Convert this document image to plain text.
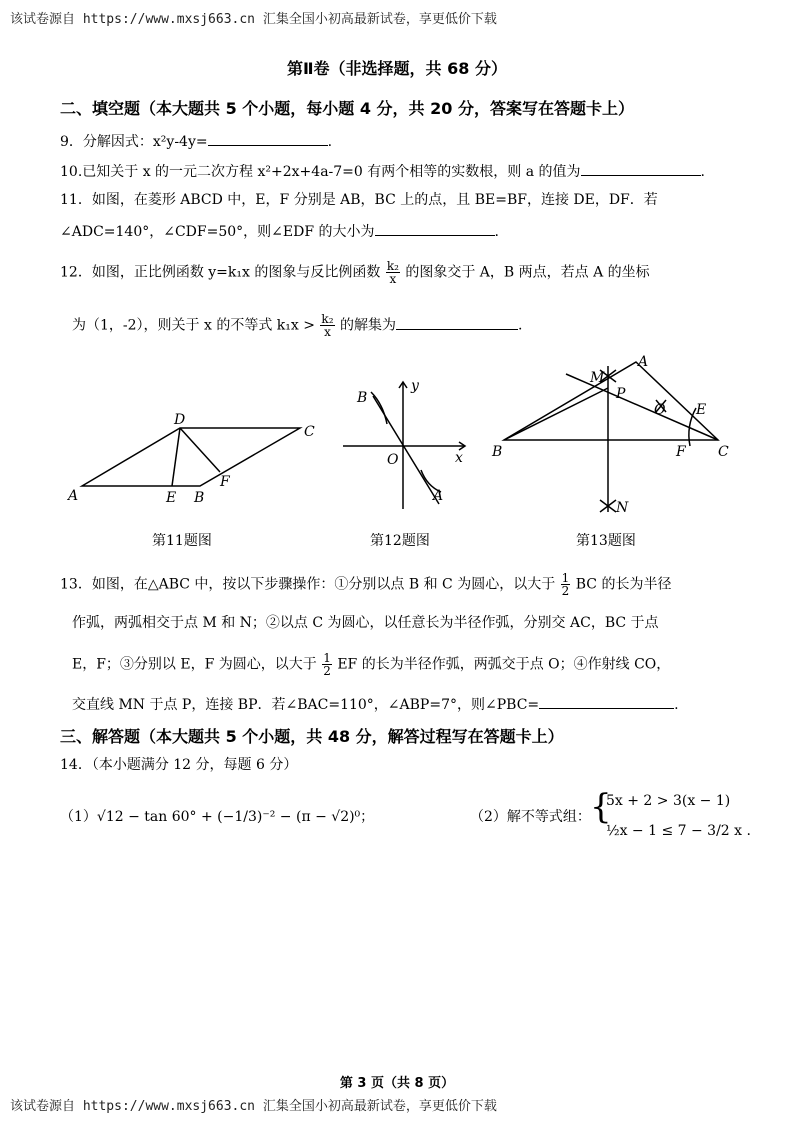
该试卷源自 https://www.mxsj663.cn 汇集全国小初高最新试卷，享更低价下载
第Ⅱ卷（非选择题，共 68 分）
二、填空题（本大题共 5 个小题，每小题 4 分，共 20 分，答案写在答题卡上）
9．分解因式：x²y-4y=	.
10.已知关于 x 的一元二次方程 x²+2x+4a-7=0 有两个相等的实数根，则 a 的值为	.
11．如图，在菱形 ABCD 中，E，F 分别是 AB，BC 上的点，且 BE=BF，连接 DE，DF．若
∠ADC=140°，∠CDF=50°，则∠EDF 的大小为	.
12．如图，正比例函数 y=k₁x 的图象与反比例函数 $\frac{\text{k₂}}{x}$ 的图象交于 A，B 两点，若点 A 的坐标
为（1，-2），则关于 x 的不等式 $k_1x > \frac{\text{k₂}}{x}$ 的解集为	.
D
C
A	E B
F
B
y
O	x
A
A
M
P
O E
B	F C
N
第11题图	第12题图	第13题图
13．如图，在△ABC 中，按以下步骤操作：①分别以点 B 和 C 为圆心，以大于 $\frac{1}{2}$ BC 的长为半径
作弧，两弧相交于点 M 和 N；②以点 C 为圆心，以任意长为半径作弧，分别交 AC，BC 于点
E，F；③分别以 E，F 为圆心，以大于 $\frac{1}{2}$ EF 的长为半径作弧，两弧交于点 O；④作射线 CO，
交直线 MN 于点 P，连接 BP．若∠BAC=110°，∠ABP=7°，则∠PBC=	.
三、解答题（本大题共 5 个小题，共 48 分，解答过程写在答题卡上）
14．（本小题满分 12 分，每题 6 分）
（1）√12 − tan 60° + (−1/3)⁻² − (π − √2)⁰；	（2）解不等式组： {
5x + 2 > 3(x − 1)
½x − 1 ≤ 7 − 3/2 x .
第 3 页（共 8 页）
该试卷源自 https://www.mxsj663.cn 汇集全国小初高最新试卷，享更低价下载
